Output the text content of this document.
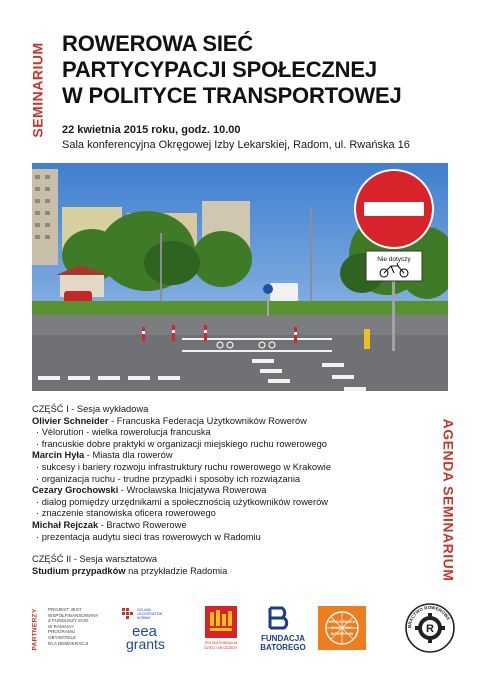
SEMINARIUM
AGENDA SEMINARIUM
ROWEROWA SIEĆ
PARTYCYPACJI SPOŁECZNEJ
W POLITYCE TRANSPORTOWEJ
22 kwietnia 2015 roku, godz. 10.00
Sala konferencyjna Okręgowej Izby Lekarskiej, Radom, ul. Rwańska 16
Nie dotyczy
CZĘŚĆ I - Sesja wykładowa
Olivier Schneider - Francuska Federacja Użytkowników Rowerów
· Vélorution - wielka rowerolucja francuska
· francuskie dobre praktyki w organizacji miejskiego ruchu rowerowego
Marcin Hyła - Miasta dla rowerów
· sukcesy i bariery rozwoju infrastruktury ruchu rowerowego w Krakowie
· organizacja ruchu - trudne przypadki i sposoby ich rozwiązania
Cezary Grochowski - Wrocławska Inicjatywa Rowerowa
· dialog pomiędzy urzędnikami a społecznością użytkowników rowerów
· znaczenie stanowiska oficera rowerowego
Michał Rejczak - Bractwo Rowerowe
· prezentacja audytu sieci tras rowerowych w Radomiu
CZĘŚĆ II - Sesja warsztatowa
Studium przypadków na przykładzie Radomia
PARTNERZY PROJEKT JEST
WSPÓŁFINANSOWANY
Z FUNDUSZY EOG
W RAMACH
PROGRAMU
OBYWATELE
DLA DEMOKRACJI
ICELAND
LIECHTENSTEIN
NORWAY
eea
grants	POLSKA FUNDACJA
DZIECI I MŁODZIEŻY
FUNDACJA
BATOREGO
WROCŁAWSKA
INICJATYWA
ROWEROWA
BRACTWO ROWEROWE
R
